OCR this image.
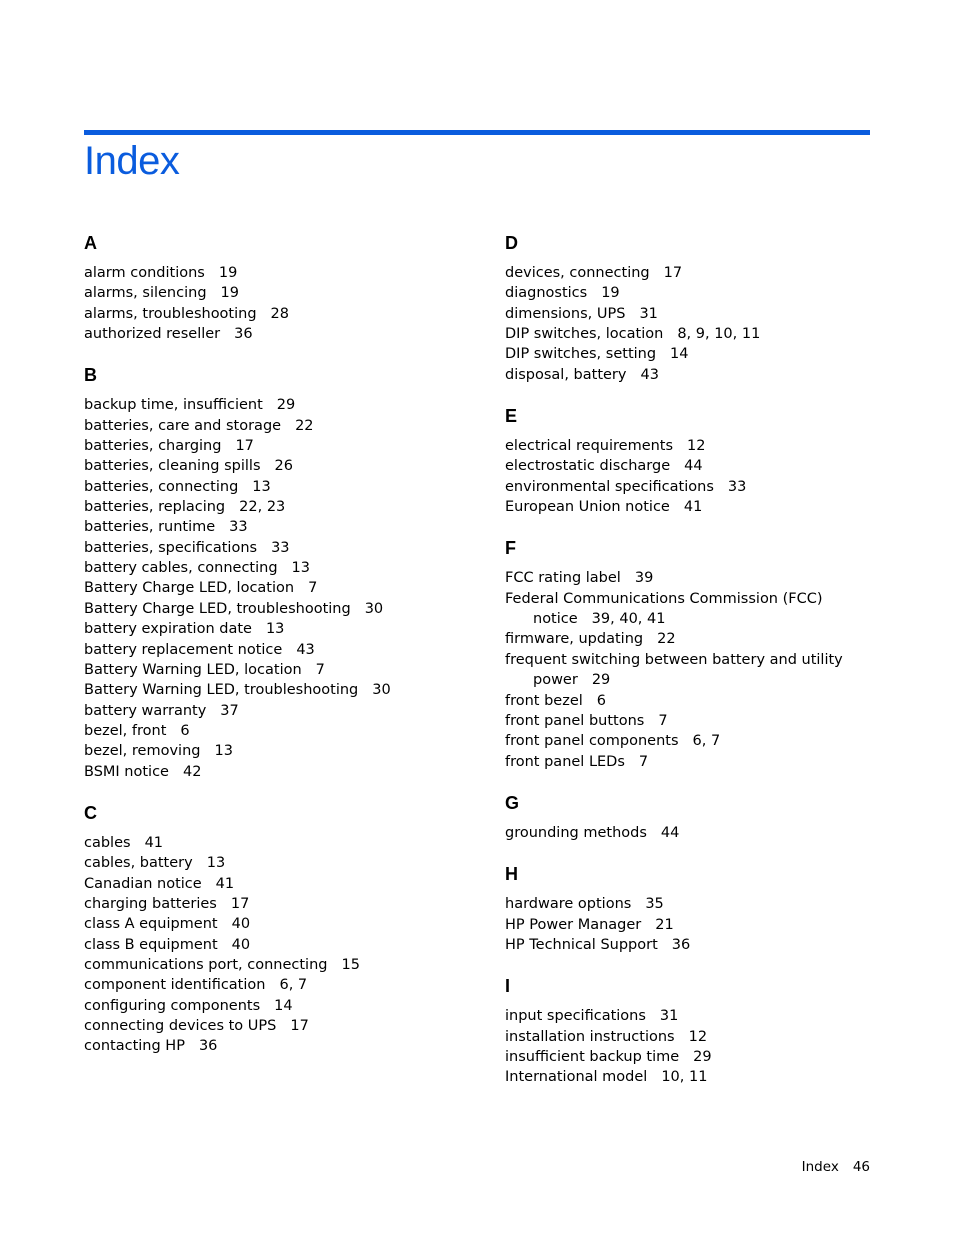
Index
A
alarm conditions 19
alarms, silencing 19
alarms, troubleshooting 28
authorized reseller 36
B
backup time, insufficient 29
batteries, care and storage 22
batteries, charging 17
batteries, cleaning spills 26
batteries, connecting 13
batteries, replacing 22, 23
batteries, runtime 33
batteries, specifications 33
battery cables, connecting 13
Battery Charge LED, location 7
Battery Charge LED, troubleshooting 30
battery expiration date 13
battery replacement notice 43
Battery Warning LED, location 7
Battery Warning LED, troubleshooting 30
battery warranty 37
bezel, front 6
bezel, removing 13
BSMI notice 42
C
cables 41
cables, battery 13
Canadian notice 41
charging batteries 17
class A equipment 40
class B equipment 40
communications port, connecting 15
component identification 6, 7
configuring components 14
connecting devices to UPS 17
contacting HP 36
D
devices, connecting 17
diagnostics 19
dimensions, UPS 31
DIP switches, location 8, 9, 10, 11
DIP switches, setting 14
disposal, battery 43
E
electrical requirements 12
electrostatic discharge 44
environmental specifications 33
European Union notice 41
F
FCC rating label 39
Federal Communications Commission (FCC)
notice 39, 40, 41
firmware, updating 22
frequent switching between battery and utility
power 29
front bezel 6
front panel buttons 7
front panel components 6, 7
front panel LEDs 7
G
grounding methods 44
H
hardware options 35
HP Power Manager 21
HP Technical Support 36
I
input specifications 31
installation instructions 12
insufficient backup time 29
International model 10, 11
Index 46
